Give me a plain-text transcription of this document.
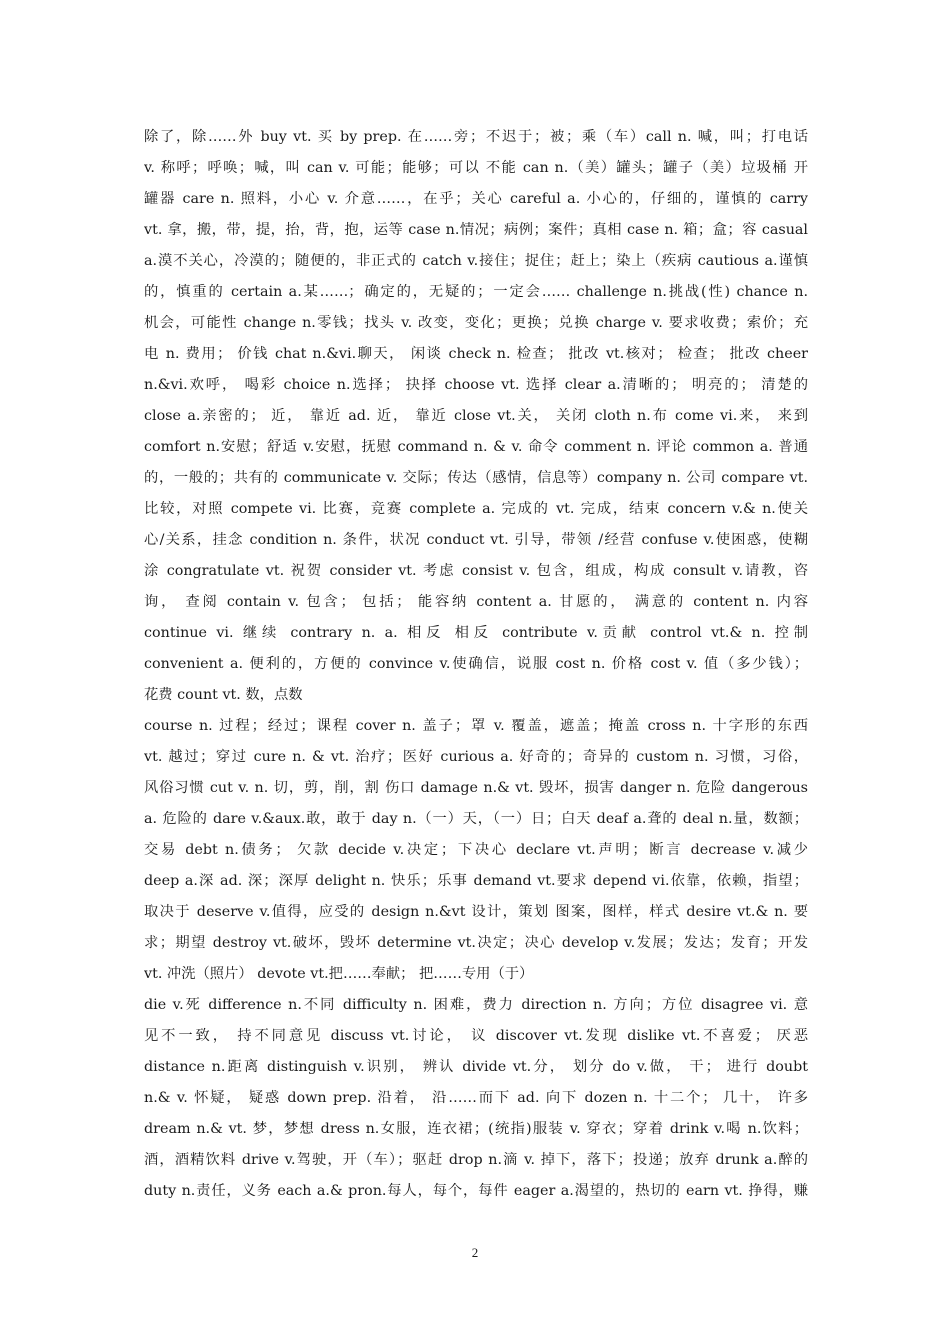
除了，除……外 buy vt. 买 by prep. 在……旁；不迟于；被；乘（车）call n. 喊，叫；打电话
v. 称呼；呼唤；喊，叫 can v. 可能；能够；可以 不能 can n.（美）罐头；罐子（美）垃圾桶 开
罐器 care n. 照料，小心 v. 介意……，在乎；关心 careful a. 小心的，仔细的，谨慎的 carry
vt. 拿，搬，带，提，抬，背，抱，运等 case n.情况；病例；案件；真相 case n. 箱；盒；容 casual
a.漠不关心，冷漠的；随便的，非正式的 catch v.接住；捉住；赶上；染上（疾病 cautious a.谨慎
的，慎重的 certain a.某……；确定的，无疑的；一定会…… challenge n.挑战(性) chance n.
机会，可能性 change n.零钱；找头 v. 改变，变化；更换；兑换 charge v. 要求收费；索价；充
电 n. 费用； 价钱 chat n.&vi.聊天， 闲谈 check n. 检查； 批改 vt.核对； 检查； 批改 cheer
n.&vi.欢呼， 喝彩 choice n.选择； 抉择 choose vt. 选择 clear a.清晰的； 明亮的； 清楚的
close a.亲密的； 近， 靠近 ad. 近， 靠近 close vt.关， 关闭 cloth n.布 come vi.来， 来到
comfort n.安慰；舒适 v.安慰，抚慰 command n. & v. 命令 comment n. 评论 common a. 普通
的，一般的；共有的 communicate v. 交际；传达（感情，信息等）company n. 公司 compare vt.
比较，对照 compete vi. 比赛，竞赛 complete a. 完成的 vt. 完成，结束 concern v.& n.使关
心/关系，挂念 condition n. 条件，状况 conduct vt. 引导，带领 /经营 confuse v.使困惑，使糊
涂 congratulate vt. 祝贺 consider vt. 考虑 consist v. 包含，组成，构成 consult v.请教，咨
询， 查阅 contain v. 包含； 包括； 能容纳 content a. 甘愿的， 满意的 content n. 内容
continue vi. 继续 contrary n. a. 相反 相反 contribute v.贡献 control vt.& n. 控制
convenient a. 便利的，方便的 convince v.使确信，说服 cost n. 价格 cost v. 值（多少钱）；
花费 count vt. 数，点数
course n. 过程；经过；课程 cover n. 盖子；罩 v. 覆盖，遮盖；掩盖 cross n. 十字形的东西
vt. 越过；穿过 cure n. & vt. 治疗；医好 curious a. 好奇的；奇异的 custom n. 习惯，习俗，
风俗习惯 cut v. n. 切，剪，削，割 伤口 damage n.& vt. 毁坏，损害 danger n. 危险 dangerous
a. 危险的 dare v.&aux.敢，敢于 day n.（一）天，（一）日；白天 deaf a.聋的 deal n.量，数额；
交易 debt n.债务； 欠款 decide v.决定；下决心 declare vt.声明；断言 decrease v.减少
deep a.深 ad. 深；深厚 delight n. 快乐；乐事 demand vt.要求 depend vi.依靠，依赖，指望；
取决于 deserve v.值得，应受的 design n.&vt 设计，策划 图案，图样，样式 desire vt.& n. 要
求；期望 destroy vt.破坏，毁坏 determine vt.决定；决心 develop v.发展；发达；发育；开发
vt. 冲洗（照片） devote vt.把……奉献； 把……专用（于）
die v.死 difference n.不同 difficulty n. 困难，费力 direction n. 方向；方位 disagree vi. 意
见不一致， 持不同意见 discuss vt.讨论， 议 discover vt.发现 dislike vt.不喜爱； 厌恶
distance n.距离 distinguish v.识别， 辨认 divide vt.分， 划分 do v.做， 干； 进行 doubt
n.& v. 怀疑， 疑惑 down prep. 沿着， 沿……而下 ad. 向下 dozen n. 十二个； 几十， 许多
dream n.& vt. 梦，梦想 dress n.女服，连衣裙；(统指)服装 v. 穿衣；穿着 drink v.喝 n.饮料；
酒，酒精饮料 drive v.驾驶，开（车）；驱赶 drop n.滴 v. 掉下，落下；投递；放弃 drunk a.醉的
duty n.责任，义务 each a.& pron.每人，每个，每件 eager a.渴望的，热切的 earn vt. 挣得，赚
2
